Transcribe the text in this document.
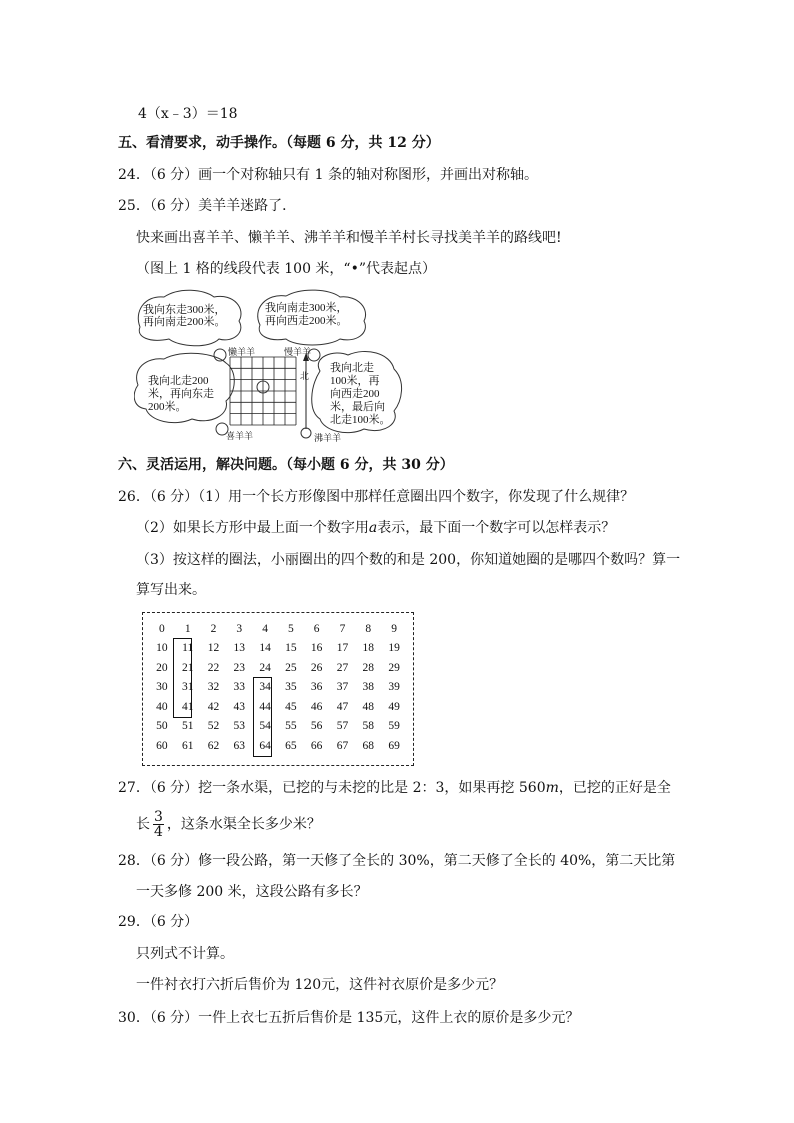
4（x﹣3）＝18
五、看清要求，动手操作。（每题 6 分，共 12 分）
24．（6 分）画一个对称轴只有 1 条的轴对称图形，并画出对称轴。
25．（6 分）美羊羊迷路了．
快来画出喜羊羊、懒羊羊、沸羊羊和慢羊羊村长寻找美羊羊的路线吧!
（图上 1 格的线段代表 100 米，“•”代表起点）
我向东走300米，
再向南走200米。
我向南走300米，
再向西走200米。
我向北走200
米，再向东走
200米。
我向北走
100米，再
向西走200
米，最后向
北走100米。
懒羊羊	慢羊羊
喜羊羊	沸羊羊
北
六、灵活运用，解决问题。（每小题 6 分，共 30 分）
26．（6 分）（1）用一个长方形像图中那样任意圈出四个数字，你发现了什么规律？
（2）如果长方形中最上面一个数字用a表示，最下面一个数字可以怎样表示？
（3）按这样的圈法，小丽圈出的四个数的和是 200，你知道她圈的是哪四个数吗？算一
算写出来。
0	1	2	3	4	5	6	7	8	9
10	11	12	13	14	15	16	17	18	19
20	21	22	23	24	25	26	27	28	29
30	31	32	33	34	35	36	37	38	39
40	41	42	43	44	45	46	47	48	49
50	51	52	53	54	55	56	57	58	59
60	61	62	63	64	65	66	67	68	69
27．（6 分）挖一条水渠，已挖的与未挖的比是 2：3，如果再挖 560m，已挖的正好是全
长 $\frac{3}{4}$ ，这条水渠全长多少米？
28．（6 分）修一段公路，第一天修了全长的 30%，第二天修了全长的 40%，第二天比第
一天多修 200 米，这段公路有多长？
29．（6 分）
只列式不计算。
一件衬衣打六折后售价为 120元，这件衬衣原价是多少元？
30．（6 分）一件上衣七五折后售价是 135元，这件上衣的原价是多少元？
